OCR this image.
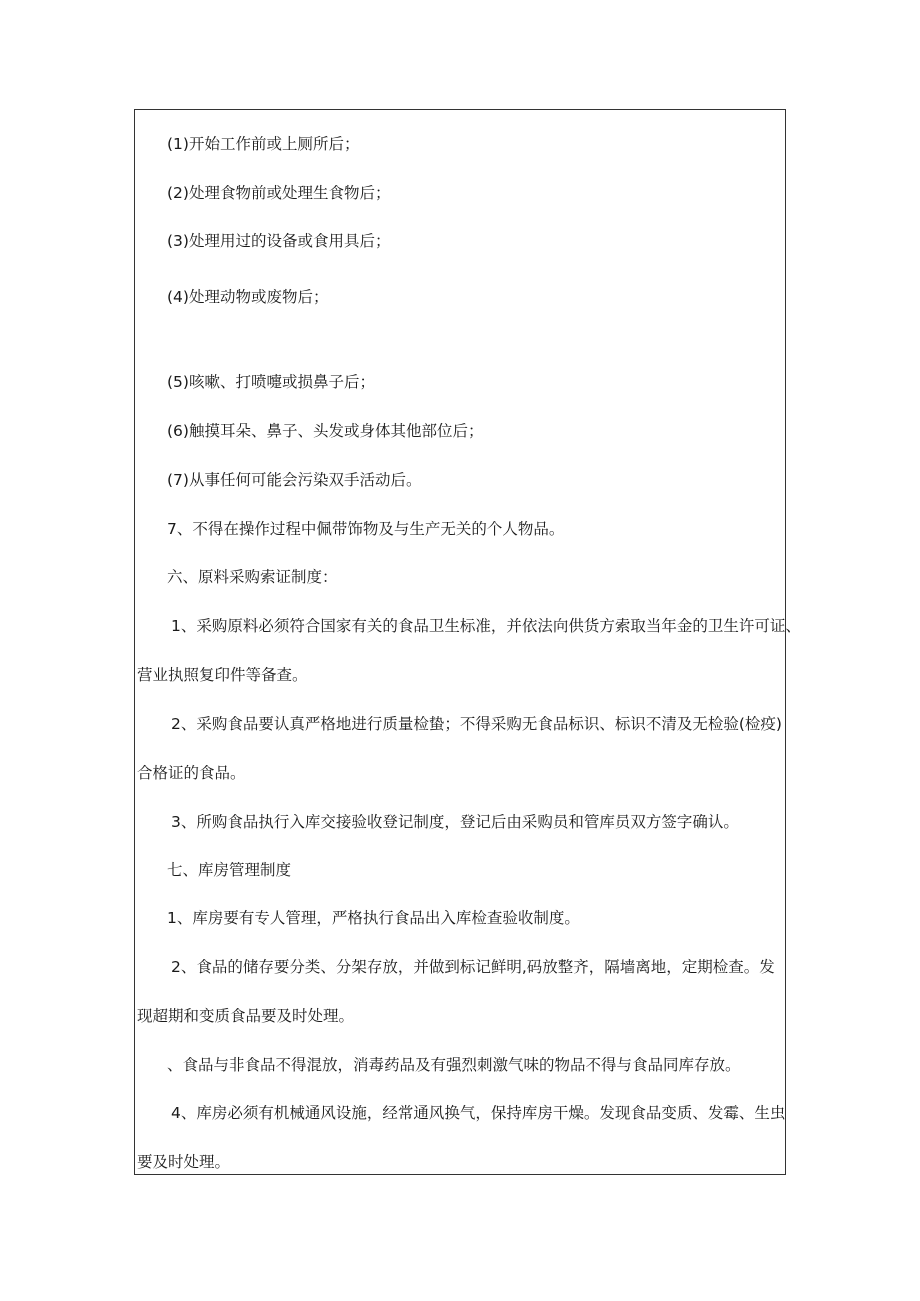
(1)开始工作前或上厕所后；
(2)处理食物前或处理生食物后；
(3)处理用过的设备或食用具后；
(4)处理动物或废物后；
(5)咳嗽、打喷嚏或损鼻子后；
(6)触摸耳朵、鼻子、头发或身体其他部位后；
(7)从事任何可能会污染双手活动后。
7、不得在操作过程中佩带饰物及与生产无关的个人物品。
六、原料采购索证制度：
1、采购原料必须符合国家有关的食品卫生标准，并依法向供货方索取当年金的卫生许可证、
营业执照复印件等备查。
2、采购食品要认真严格地进行质量检蛰；不得采购无食品标识、标识不清及无检验(检疫)
合格证的食品。
3、所购食品执行入库交接验收登记制度，登记后由采购员和管库员双方签字确认。
七、库房管理制度
1、库房要有专人管理，严格执行食品出入库检查验收制度。
2、食品的储存要分类、分架存放，并做到标记鲜明,码放整齐，隔墙离地，定期检查。发
现超期和变质食品要及时处理。
、食品与非食品不得混放，消毒药品及有强烈刺激气味的物品不得与食品同库存放。
4、库房必须有机械通风设施，经常通风换气，保持库房干燥。发现食品变质、发霉、生虫
要及时处理。
